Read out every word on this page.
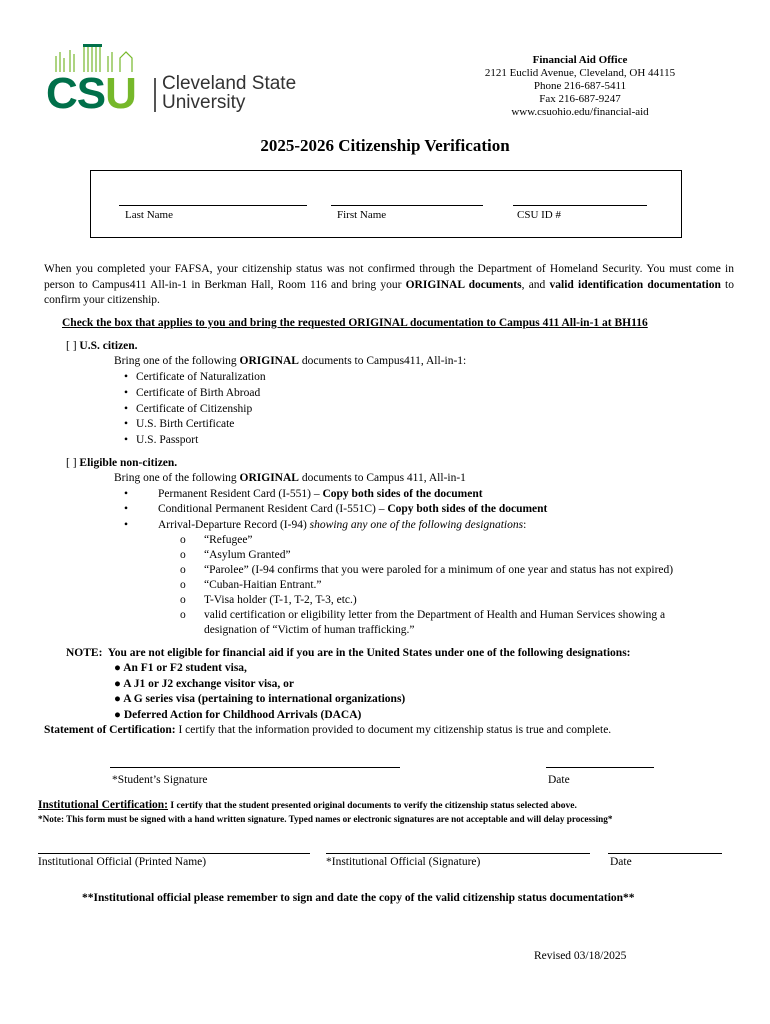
CSU Cleveland State
University
Financial Aid Office
2121 Euclid Avenue, Cleveland, OH 44115
Phone 216-687-5411
Fax 216-687-9247
www.csuohio.edu/financial-aid
2025-2026 Citizenship Verification
Last Name	First Name	CSU ID #
When you completed your FAFSA, your citizenship status was not confirmed through the Department of Homeland Security. You must come in person to Campus411 All-in-1 in Berkman Hall, Room 116 and bring your ORIGINAL documents, and valid identification documentation to confirm your citizenship.
Check the box that applies to you and bring the requested ORIGINAL documentation to Campus 411 All-in-1 at BH116
[ ] U.S. citizen.
Bring one of the following ORIGINAL documents to Campus411, All-in-1:
• Certificate of Naturalization
• Certificate of Birth Abroad
• Certificate of Citizenship
• U.S. Birth Certificate
• U.S. Passport
[ ] Eligible non-citizen.
Bring one of the following ORIGINAL documents to Campus 411, All-in-1
•	Permanent Resident Card (I-551) – Copy both sides of the document
•	Conditional Permanent Resident Card (I-551C) – Copy both sides of the document
•	Arrival-Departure Record (I-94) showing any one of the following designations:
o “Refugee”
o “Asylum Granted”
o “Parolee” (I-94 confirms that you were paroled for a minimum of one year and status has not expired)
o “Cuban-Haitian Entrant.”
o T-Visa holder (T-1, T-2, T-3, etc.)
o valid certification or eligibility letter from the Department of Health and Human Services showing a
designation of “Victim of human trafficking.”
NOTE: You are not eligible for financial aid if you are in the United States under one of the following designations:
● An F1 or F2 student visa,
● A J1 or J2 exchange visitor visa, or
● A G series visa (pertaining to international organizations)
● Deferred Action for Childhood Arrivals (DACA)
Statement of Certification: I certify that the information provided to document my citizenship status is true and complete.
*Student’s Signature	Date
Institutional Certification: I certify that the student presented original documents to verify the citizenship status selected above.
*Note: This form must be signed with a hand written signature. Typed names or electronic signatures are not acceptable and will delay processing*
Institutional Official (Printed Name)	*Institutional Official (Signature)	Date
**Institutional official please remember to sign and date the copy of the valid citizenship status documentation**
Revised 03/18/2025
